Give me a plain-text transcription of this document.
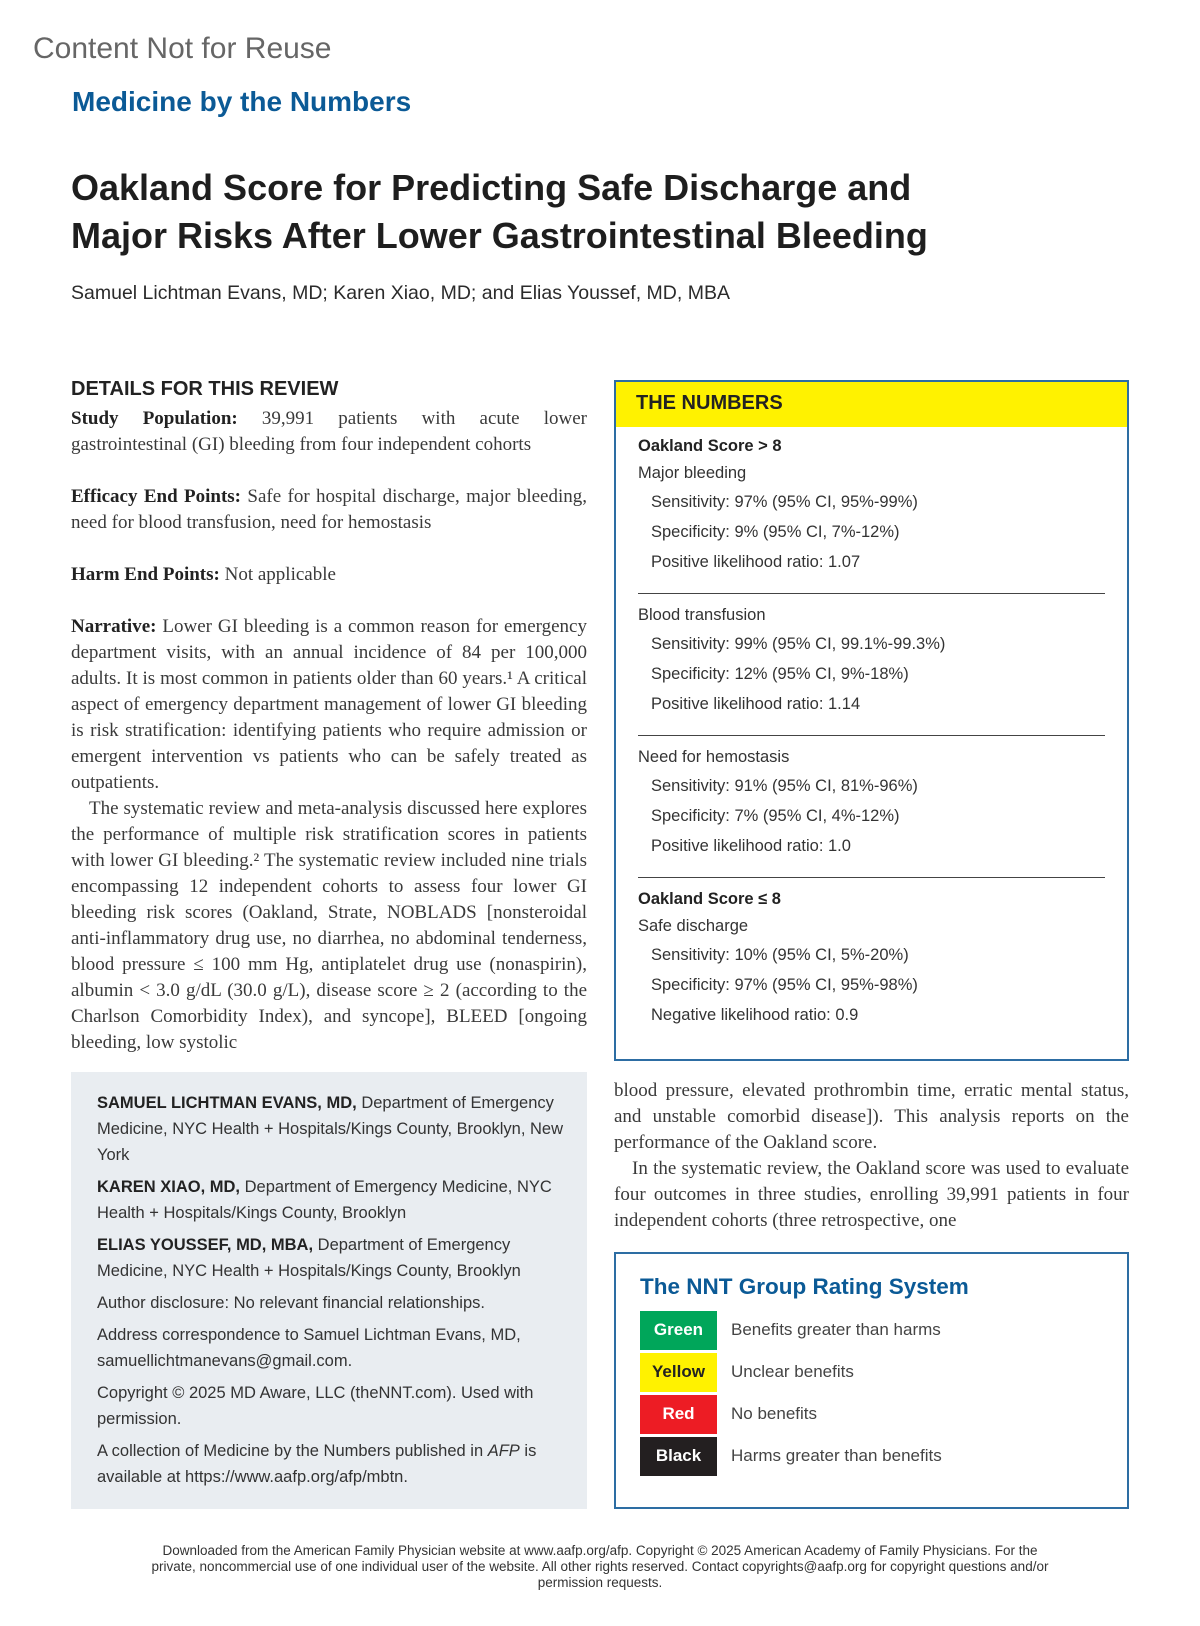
Content Not for Reuse
Medicine by the Numbers
Oakland Score for Predicting Safe Discharge and
Major Risks After Lower Gastrointestinal Bleeding
Samuel Lichtman Evans, MD; Karen Xiao, MD; and Elias Youssef, MD, MBA
DETAILS FOR THIS REVIEW

Study Population: 39,991 patients with acute lower gastrointestinal (GI) bleeding from four independent cohorts

Efficacy End Points: Safe for hospital discharge, major bleeding, need for blood transfusion, need for hemostasis

Harm End Points: Not applicable

Narrative: Lower GI bleeding is a common reason for emergency department visits, with an annual incidence of 84 per 100,000 adults. It is most common in patients older than 60 years.¹ A critical aspect of emergency department management of lower GI bleeding is risk stratification: identifying patients who require admission or emergent intervention vs patients who can be safely treated as outpatients.

The systematic review and meta-analysis discussed here explores the performance of multiple risk stratification scores in patients with lower GI bleeding.² The systematic review included nine trials encompassing 12 independent cohorts to assess four lower GI bleeding risk scores (Oakland, Strate, NOBLADS [nonsteroidal anti-inflammatory drug use, no diarrhea, no abdominal tenderness, blood pressure ≤ 100 mm Hg, antiplatelet drug use (nonaspirin), albumin < 3.0 g/dL (30.0 g/L), disease score ≥ 2 (according to the Charlson Comorbidity Index), and syncope], BLEED [ongoing bleeding, low systolic

THE NUMBERS
Oakland Score > 8
Major bleeding
Sensitivity: 97% (95% CI, 95%-99%)
Specificity: 9% (95% CI, 7%-12%)
Positive likelihood ratio: 1.07
Blood transfusion
Sensitivity: 99% (95% CI, 99.1%-99.3%)
Specificity: 12% (95% CI, 9%-18%)
Positive likelihood ratio: 1.14
Need for hemostasis
Sensitivity: 91% (95% CI, 81%-96%)
Specificity: 7% (95% CI, 4%-12%)
Positive likelihood ratio: 1.0
Oakland Score ≤ 8
Safe discharge
Sensitivity: 10% (95% CI, 5%-20%)
Specificity: 97% (95% CI, 95%-98%)
Negative likelihood ratio: 0.9

SAMUEL LICHTMAN EVANS, MD, Department of Emergency Medicine, NYC Health + Hospitals/Kings County, Brooklyn, New York

KAREN XIAO, MD, Department of Emergency Medicine, NYC Health + Hospitals/Kings County, Brooklyn

ELIAS YOUSSEF, MD, MBA, Department of Emergency Medicine, NYC Health + Hospitals/Kings County, Brooklyn

Author disclosure: No relevant financial relationships.

Address correspondence to Samuel Lichtman Evans, MD, samuellichtmanevans@gmail.com.

Copyright © 2025 MD Aware, LLC (theNNT.com). Used with permission.

A collection of Medicine by the Numbers published in AFP is available at https://www.aafp.org/afp/mbtn.

blood pressure, elevated prothrombin time, erratic mental status, and unstable comorbid disease]). This analysis reports on the performance of the Oakland score.

In the systematic review, the Oakland score was used to evaluate four outcomes in three studies, enrolling 39,991 patients in four independent cohorts (three retrospective, one

The NNT Group Rating System
Green	Benefits greater than harms
Yellow	Unclear benefits
Red	No benefits
Black	Harms greater than benefits
Downloaded from the American Family Physician website at www.aafp.org/afp. Copyright © 2025 American Academy of Family Physicians. For the private, noncommercial use of one individual user of the website. All other rights reserved. Contact copyrights@aafp.org for copyright questions and/or permission requests.
